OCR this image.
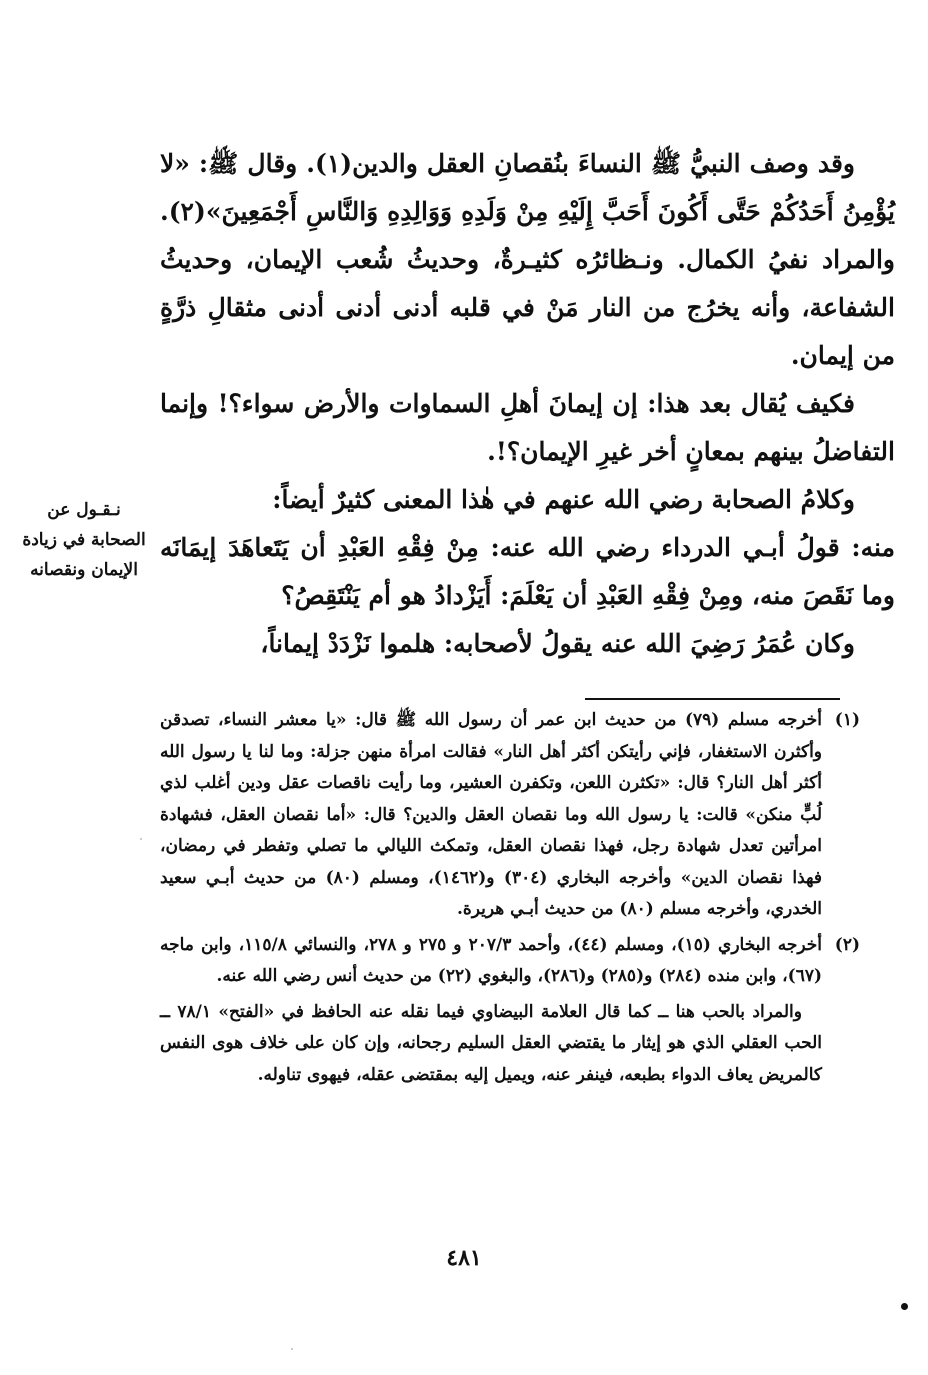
وقد وصف النبيُّ ﷺ النساءَ بنُقصانِ العقل والدين(١). وقال ﷺ: «لا يُؤْمِنُ أَحَدُكُمْ حَتَّى أَكُونَ أَحَبَّ إِلَيْهِ مِنْ وَلَدِهِ وَوَالِدِهِ وَالنَّاسِ أَجْمَعِينَ»(٢). والمراد نفيُ الكمال. ونـظائرُه كثيـرةٌ، وحديثُ شُعب الإيمان، وحديثُ الشفاعة، وأنه يخرُج من النار مَنْ في قلبه أدنى أدنى أدنى مثقالِ ذرَّةٍ من إيمان.

فكيف يُقال بعد هذا: إن إيمانَ أهلِ السماوات والأرض سواء؟! وإنما التفاضلُ بينهم بمعانٍ أخر غيرِ الإيمان؟!.

وكلامُ الصحابة رضي الله عنهم في هٰذا المعنى كثيرٌ أيضاً:

منه: قولُ أبـي الدرداء رضي الله عنه: مِنْ فِقْهِ العَبْدِ أن يَتَعاهَدَ إيمَانَه وما نَقَصَ منه، ومِنْ فِقْهِ العَبْدِ أن يَعْلَمَ: أَيَزْدادُ هو أم يَنْتَقِصُ؟

وكان عُمَرُ رَضِيَ الله عنه يقولُ لأصحابه: هلموا نَزْدَدْ إيماناً،

نـقـول عن الصحابة في زيادة الإيمان ونقصانه
(١)
أخرجه مسلم (٧٩) من حديث ابن عمر أن رسول الله ﷺ قال: «يا معشر النساء، تصدقن وأكثرن الاستغفار، فإني رأيتكن أكثر أهل النار» فقالت امرأة منهن جزلة: وما لنا يا رسول الله أكثر أهل النار؟ قال: «تكثرن اللعن، وتكفرن العشير، وما رأيت ناقصات عقل ودين أغلب لذي لُبٍّ منكن» قالت: يا رسول الله وما نقصان العقل والدين؟ قال: «أما نقصان العقل، فشهادة امرأتين تعدل شهادة رجل، فهذا نقصان العقل، وتمكث الليالي ما تصلي وتفطر في رمضان، فهذا نقصان الدين» وأخرجه البخاري (٣٠٤) و(١٤٦٢)، ومسلم (٨٠) من حديث أبـي سعيد الخدري، وأخرجه مسلم (٨٠) من حديث أبـي هريرة.
(٢)
أخرجه البخاري (١٥)، ومسلم (٤٤)، وأحمد ٢٠٧/٣ و ٢٧٥ و ٢٧٨، والنسائي ١١٥/٨، وابن ماجه (٦٧)، وابن منده (٢٨٤) و(٢٨٥) و(٢٨٦)، والبغوي (٢٢) من حديث أنس رضي الله عنه.
والمراد بالحب هنا ــ كما قال العلامة البيضاوي فيما نقله عنه الحافظ في «الفتح» ٧٨/١ ــ الحب العقلي الذي هو إيثار ما يقتضي العقل السليم رجحانه، وإن كان على خلاف هوى النفس كالمريض يعاف الدواء بطبعه، فينفر عنه، ويميل إليه بمقتضى عقله، فيهوى تناوله.
٤٨١
